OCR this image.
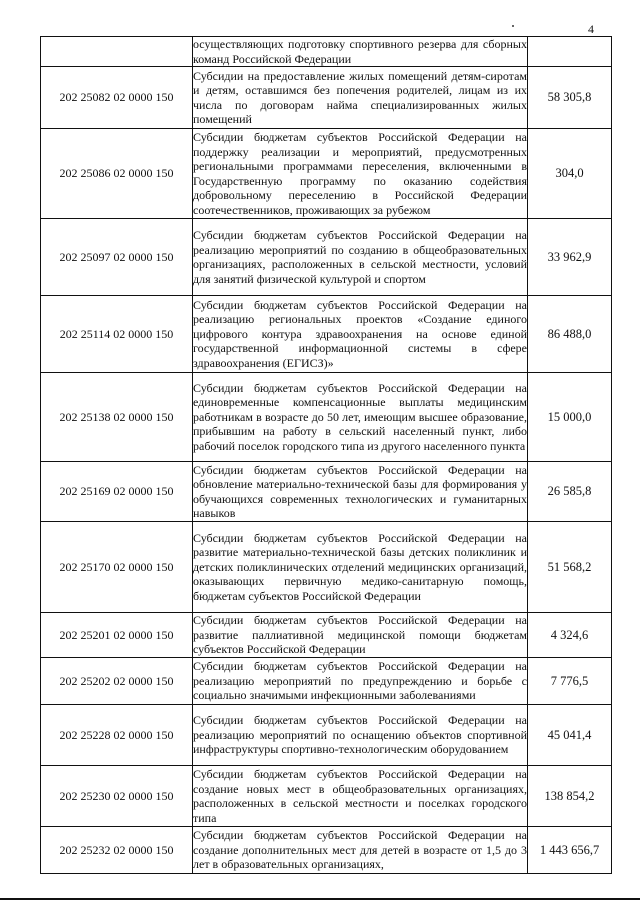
4
	осуществляющих подготовку спортивного резерва для сборных команд Российской Федерации	
202 25082 02 0000 150	Субсидии на предоставление жилых помещений детям-сиротам и детям, оставшимся без попечения родителей, лицам из их числа по договорам найма специализированных жилых помещений	58 305,8
202 25086 02 0000 150	Субсидии бюджетам субъектов Российской Федерации на поддержку реализации и мероприятий, предусмотренных региональными программами переселения, включенными в Государственную программу по оказанию содействия добровольному переселению в Российской Федерации соотечественников, проживающих за рубежом	304,0
202 25097 02 0000 150	Субсидии бюджетам субъектов Российской Федерации на реализацию мероприятий по созданию в общеобразовательных организациях, расположенных в сельской местности, условий для занятий физической культурой и спортом	33 962,9
202 25114 02 0000 150	Субсидии бюджетам субъектов Российской Федерации на реализацию региональных проектов «Создание единого цифрового контура здравоохранения на основе единой государственной информационной системы в сфере здравоохранения (ЕГИСЗ)»	86 488,0
202 25138 02 0000 150	Субсидии бюджетам субъектов Российской Федерации на единовременные компенсационные выплаты медицинским работникам в возрасте до 50 лет, имеющим высшее образование, прибывшим на работу в сельский населенный пункт, либо рабочий поселок городского типа из другого населенного пункта	15 000,0
202 25169 02 0000 150	Субсидии бюджетам субъектов Российской Федерации на обновление материально-технической базы для формирования у обучающихся современных технологических и гуманитарных навыков	26 585,8
202 25170 02 0000 150	Субсидии бюджетам субъектов Российской Федерации на развитие материально-технической базы детских поликлиник и детских поликлинических отделений медицинских организаций, оказывающих первичную медико-санитарную помощь, бюджетам субъектов Российской Федерации	51 568,2
202 25201 02 0000 150	Субсидии бюджетам субъектов Российской Федерации на развитие паллиативной медицинской помощи бюджетам субъектов Российской Федерации	4 324,6
202 25202 02 0000 150	Субсидии бюджетам субъектов Российской Федерации на реализацию мероприятий по предупреждению и борьбе с социально значимыми инфекционными заболеваниями	7 776,5
202 25228 02 0000 150	Субсидии бюджетам субъектов Российской Федерации на реализацию мероприятий по оснащению объектов спортивной инфраструктуры спортивно-технологическим оборудованием	45 041,4
202 25230 02 0000 150	Субсидии бюджетам субъектов Российской Федерации на создание новых мест в общеобразовательных организациях, расположенных в сельской местности и поселках городского типа	138 854,2
202 25232 02 0000 150	Субсидии бюджетам субъектов Российской Федерации на создание дополнительных мест для детей в возрасте от 1,5 до 3 лет в образовательных организациях,	1 443 656,7
